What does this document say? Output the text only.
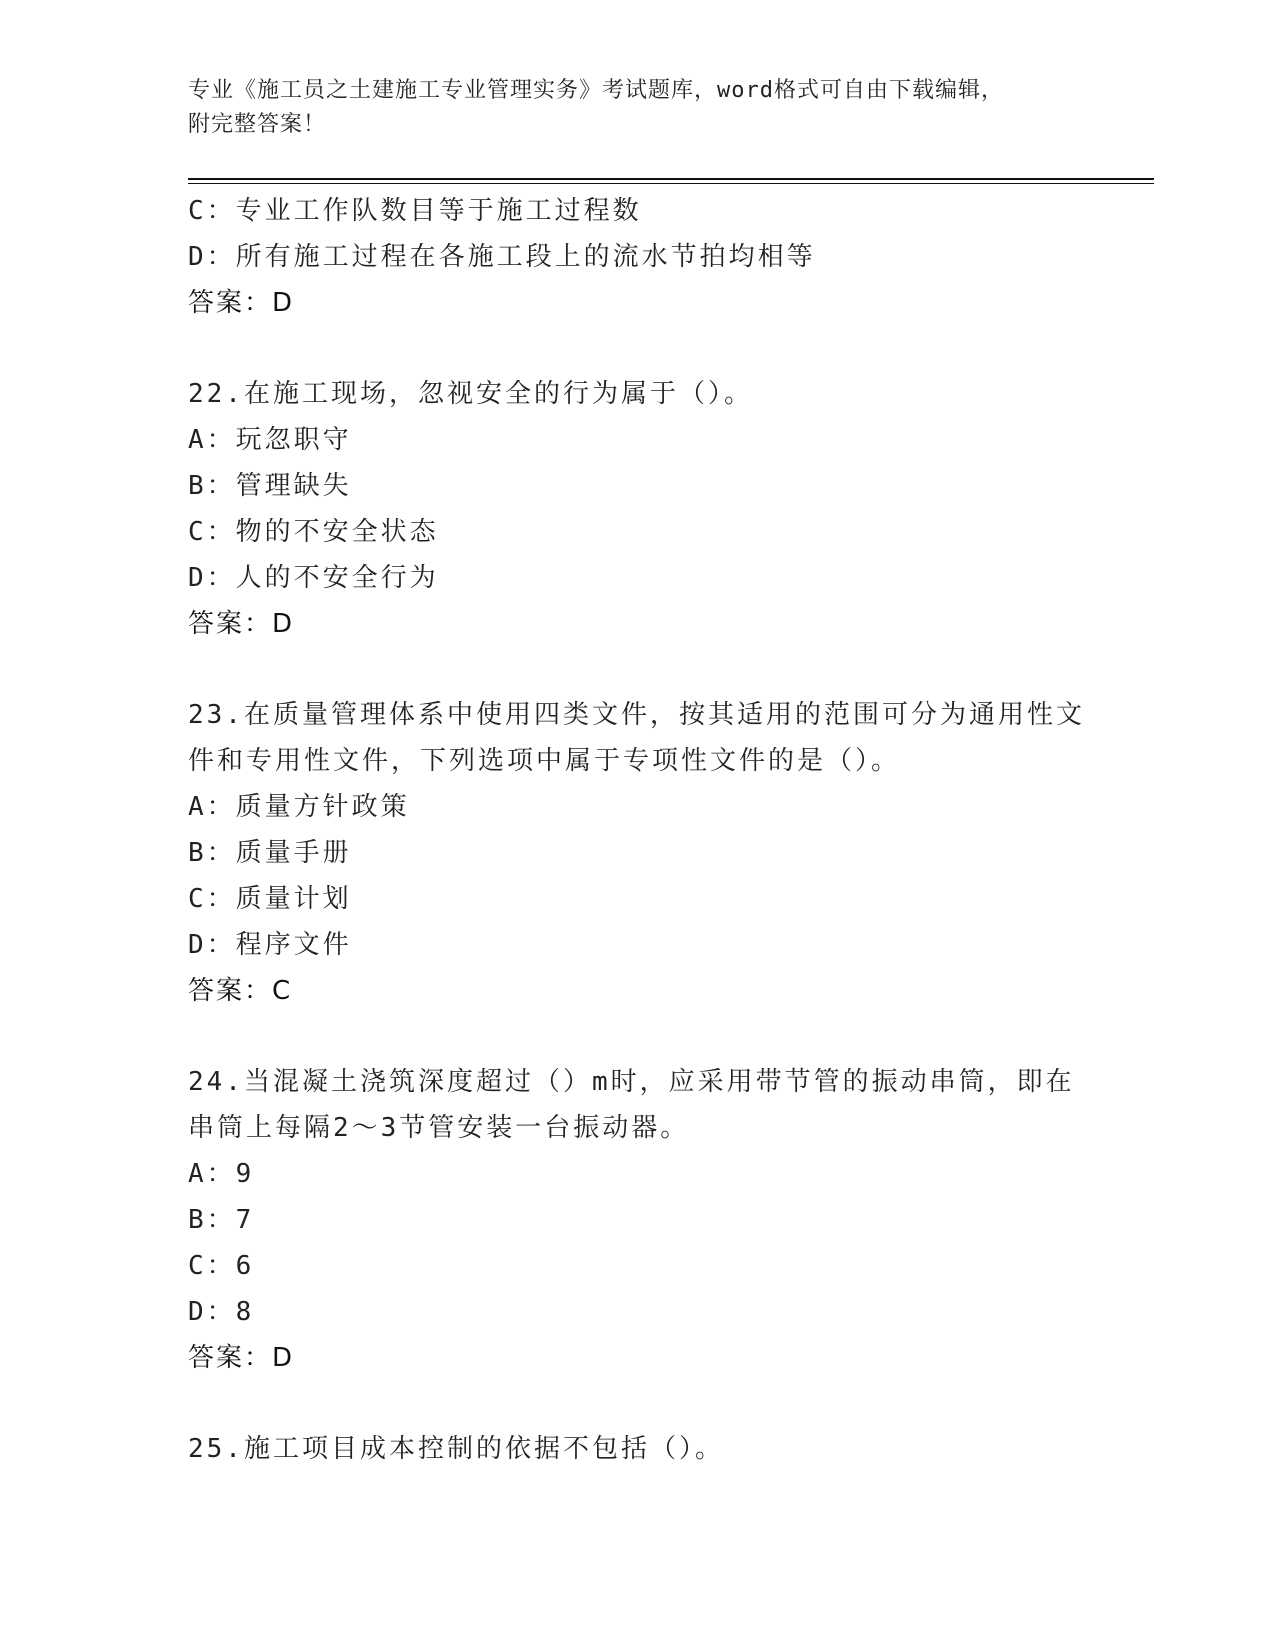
专业《施工员之土建施工专业管理实务》考试题库，word格式可自由下载编辑，
附完整答案！
C：专业工作队数目等于施工过程数
D：所有施工过程在各施工段上的流水节拍均相等
答案：D
22.在施工现场，忽视安全的行为属于（）。
A：玩忽职守
B：管理缺失
C：物的不安全状态
D：人的不安全行为
答案：D
23.在质量管理体系中使用四类文件，按其适用的范围可分为通用性文
件和专用性文件，下列选项中属于专项性文件的是（）。
A：质量方针政策
B：质量手册
C：质量计划
D：程序文件
答案：C
24.当混凝土浇筑深度超过（）m时，应采用带节管的振动串筒，即在
串筒上每隔2～3节管安装一台振动器。
A：9
B：7
C：6
D：8
答案：D
25.施工项目成本控制的依据不包括（）。
